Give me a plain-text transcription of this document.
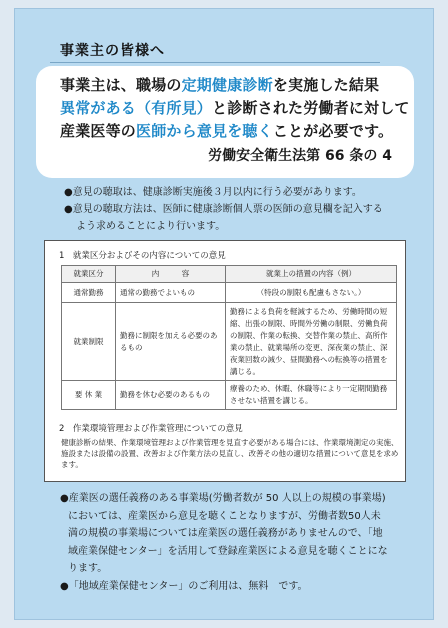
事業主の皆様へ
事業主は、職場の定期健康診断を実施した結果
異常がある（有所見）と診断された労働者に対して
産業医等の医師から意見を聴くことが必要です。
労働安全衛生法第 66 条の 4
●意見の聴取は、健康診断実施後３月以内に行う必要があります。
●意見の聴取方法は、医師に健康診断個人票の医師の意見欄を記入する
よう求めることにより行います。
1　就業区分およびその内容についての意見
就業区分	内　　　容	就業上の措置の内容（例）
通常勤務	通常の勤務でよいもの	（特段の制限も配慮もさない。）
就業制限	勤務に制限を加える必要のあるもの	勤務による負荷を軽減するため、労働時間の短縮、出張の制限、時間外労働の制限、労働負荷の制限、作業の転換、交替作業の禁止、高所作業の禁止、就業場所の変更、深夜業の禁止、深夜業回数の減少、昼間勤務への転換等の措置を講じる。
要 休 業	勤務を休む必要のあるもの	療養のため、休暇、休職等により一定期間勤務させない措置を講じる。
2　作業環境管理および作業管理についての意見
健康診断の結果、作業環境管理および作業管理を見直す必要がある場合には、作業環境測定の実施、施設または設備の設置、改善および作業方法の見直し、改善その他の適切な措置について意見を求めます。
●産業医の選任義務のある事業場(労働者数が 50 人以上の規模の事業場)
においては、産業医から意見を聴くことなりますが、労働者数50人未
満の規模の事業場については産業医の選任義務がありませんので、「地
域産業保健センター」を活用して登録産業医による意見を聴くことにな
ります。
●「地域産業保健センター」のご利用は、無料　です。
